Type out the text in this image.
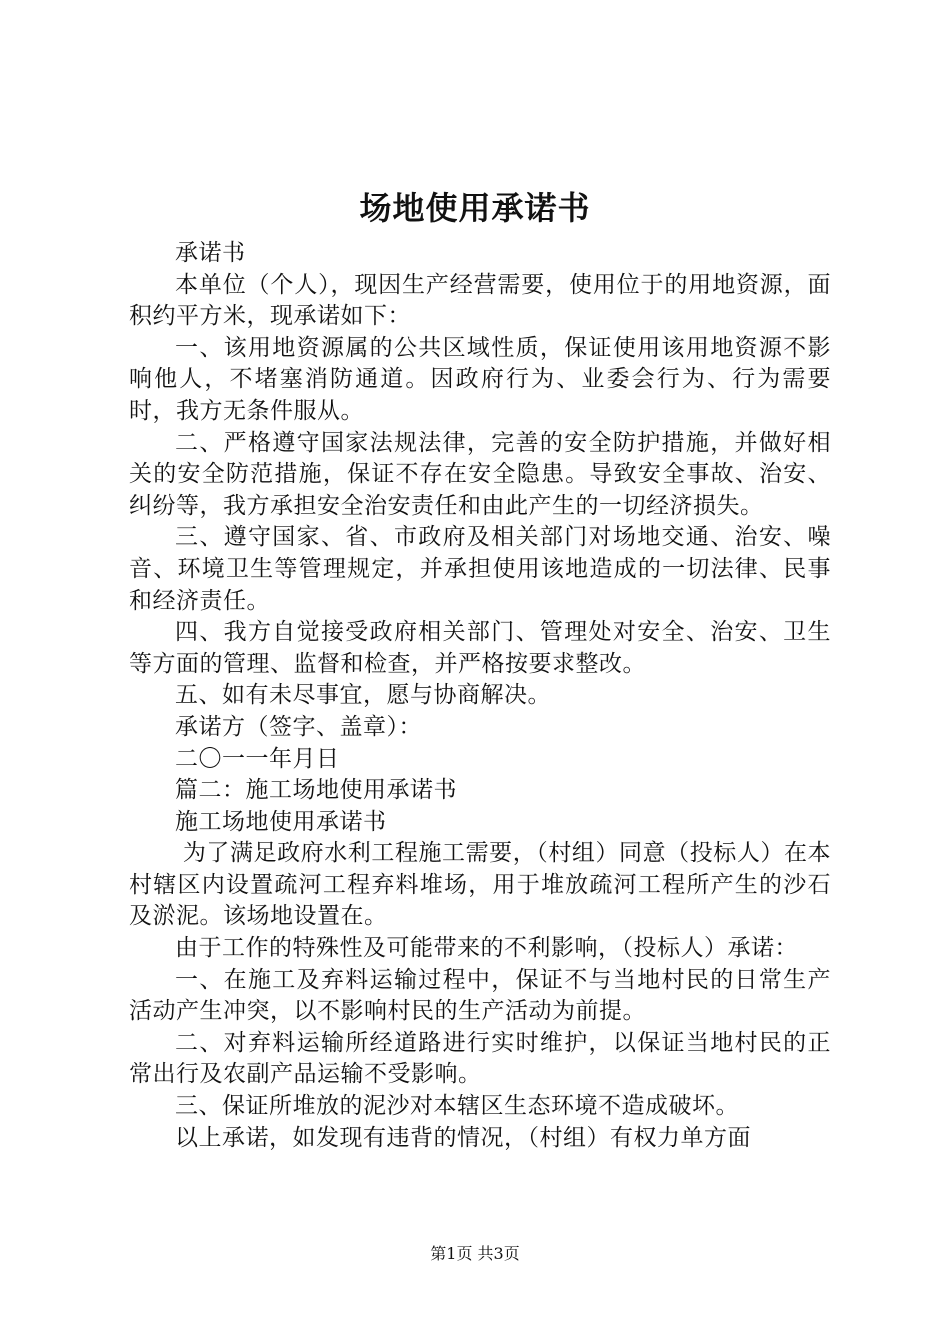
场地使用承诺书

承诺书

本单位（个人），现因生产经营需要，使用位于的用地资源，面积约平方米，现承诺如下：

一、该用地资源属的公共区域性质，保证使用该用地资源不影响他人，不堵塞消防通道。因政府行为、业委会行为、行为需要时，我方无条件服从。

二、严格遵守国家法规法律，完善的安全防护措施，并做好相关的安全防范措施，保证不存在安全隐患。导致安全事故、治安、纠纷等，我方承担安全治安责任和由此产生的一切经济损失。

三、遵守国家、省、市政府及相关部门对场地交通、治安、噪音、环境卫生等管理规定，并承担使用该地造成的一切法律、民事和经济责任。

四、我方自觉接受政府相关部门、管理处对安全、治安、卫生等方面的管理、监督和检查，并严格按要求整改。

五、如有未尽事宜，愿与协商解决。

承诺方（签字、盖章）：

二〇一一年月日

篇二：施工场地使用承诺书

施工场地使用承诺书

为了满足政府水利工程施工需要，（村组）同意（投标人）在本村辖区内设置疏河工程弃料堆场，用于堆放疏河工程所产生的沙石及淤泥。该场地设置在。

由于工作的特殊性及可能带来的不利影响，（投标人）承诺：

一、在施工及弃料运输过程中，保证不与当地村民的日常生产活动产生冲突，以不影响村民的生产活动为前提。

二、对弃料运输所经道路进行实时维护，以保证当地村民的正常出行及农副产品运输不受影响。

三、保证所堆放的泥沙对本辖区生态环境不造成破坏。

以上承诺，如发现有违背的情况，（村组）有权力单方面

第1页 共3页
